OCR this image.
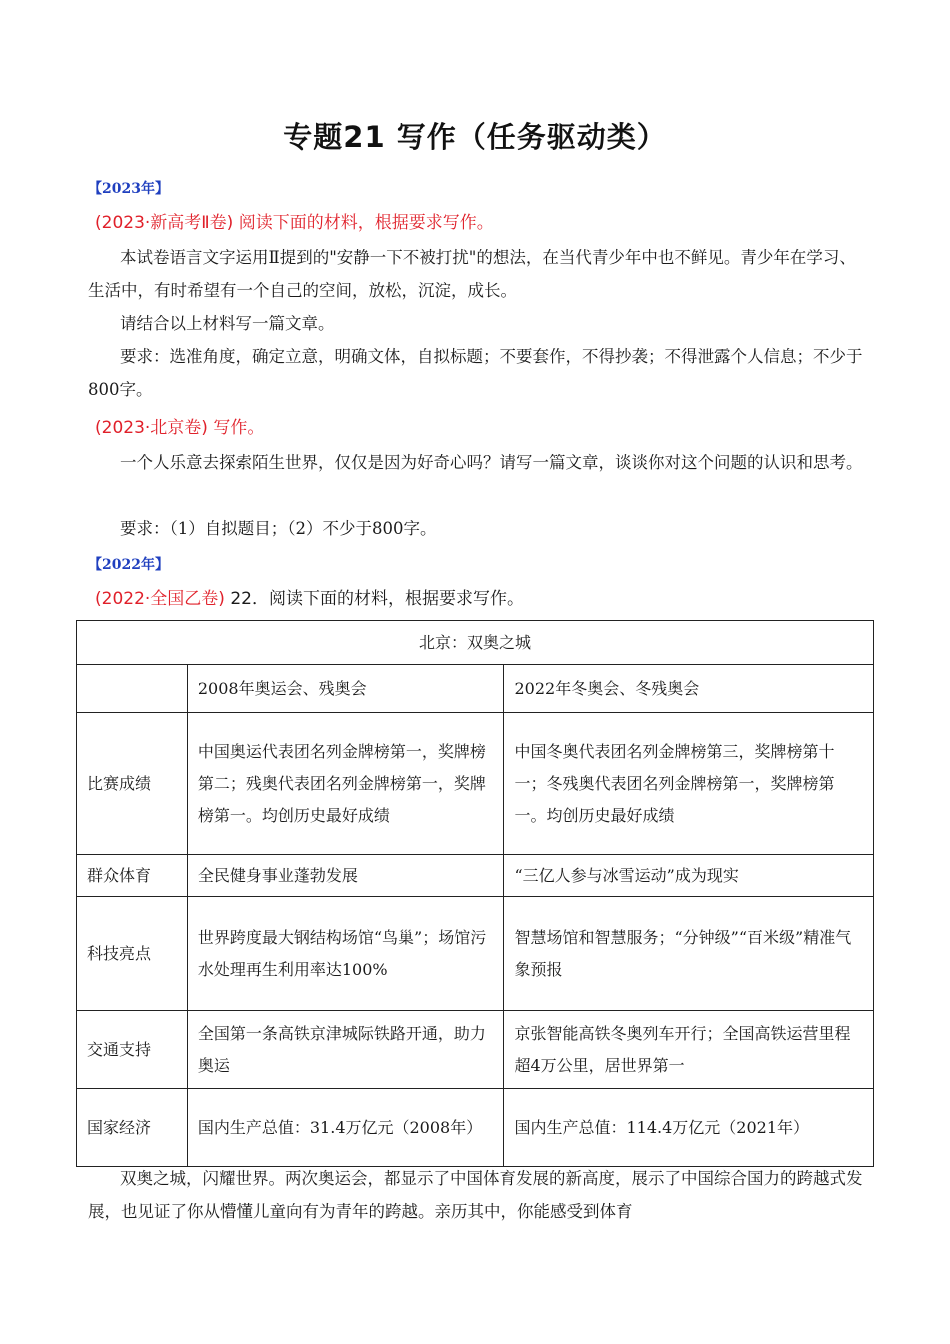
专题21 写作（任务驱动类）
【2023年】
(2023·新高考Ⅱ卷) 阅读下面的材料，根据要求写作。
本试卷语言文字运用Ⅱ提到的"安静一下不被打扰"的想法，在当代青少年中也不鲜见。青少年在学习、生活中，有时希望有一个自己的空间，放松，沉淀，成长。
请结合以上材料写一篇文章。
要求：选准角度，确定立意，明确文体，自拟标题；不要套作，不得抄袭；不得泄露个人信息；不少于800字。
(2023·北京卷) 写作。
一个人乐意去探索陌生世界，仅仅是因为好奇心吗？请写一篇文章，谈谈你对这个问题的认识和思考。
要求：（1）自拟题目；（2）不少于800字。
【2022年】
(2022·全国乙卷) 22．阅读下面的材料，根据要求写作。
北京：双奥之城		
	2008年奥运会、残奥会	2022年冬奥会、冬残奥会
比赛成绩	中国奥运代表团名列金牌榜第一，奖牌榜第二；残奥代表团名列金牌榜第一，奖牌榜第一。均创历史最好成绩	中国冬奥代表团名列金牌榜第三，奖牌榜第十一；冬残奥代表团名列金牌榜第一，奖牌榜第一。均创历史最好成绩
群众体育	全民健身事业蓬勃发展	“三亿人参与冰雪运动”成为现实
科技亮点	世界跨度最大钢结构场馆“鸟巢”；场馆污水处理再生利用率达100%	智慧场馆和智慧服务；“分钟级”“百米级”精准气象预报
交通支持	全国第一条高铁京津城际铁路开通，助力奥运	京张智能高铁冬奥列车开行；全国高铁运营里程超4万公里，居世界第一
国家经济	国内生产总值：31.4万亿元（2008年）	国内生产总值：114.4万亿元（2021年）
双奥之城，闪耀世界。两次奥运会，都显示了中国体育发展的新高度，展示了中国综合国力的跨越式发展，也见证了你从懵懂儿童向有为青年的跨越。亲历其中，你能感受到体育
